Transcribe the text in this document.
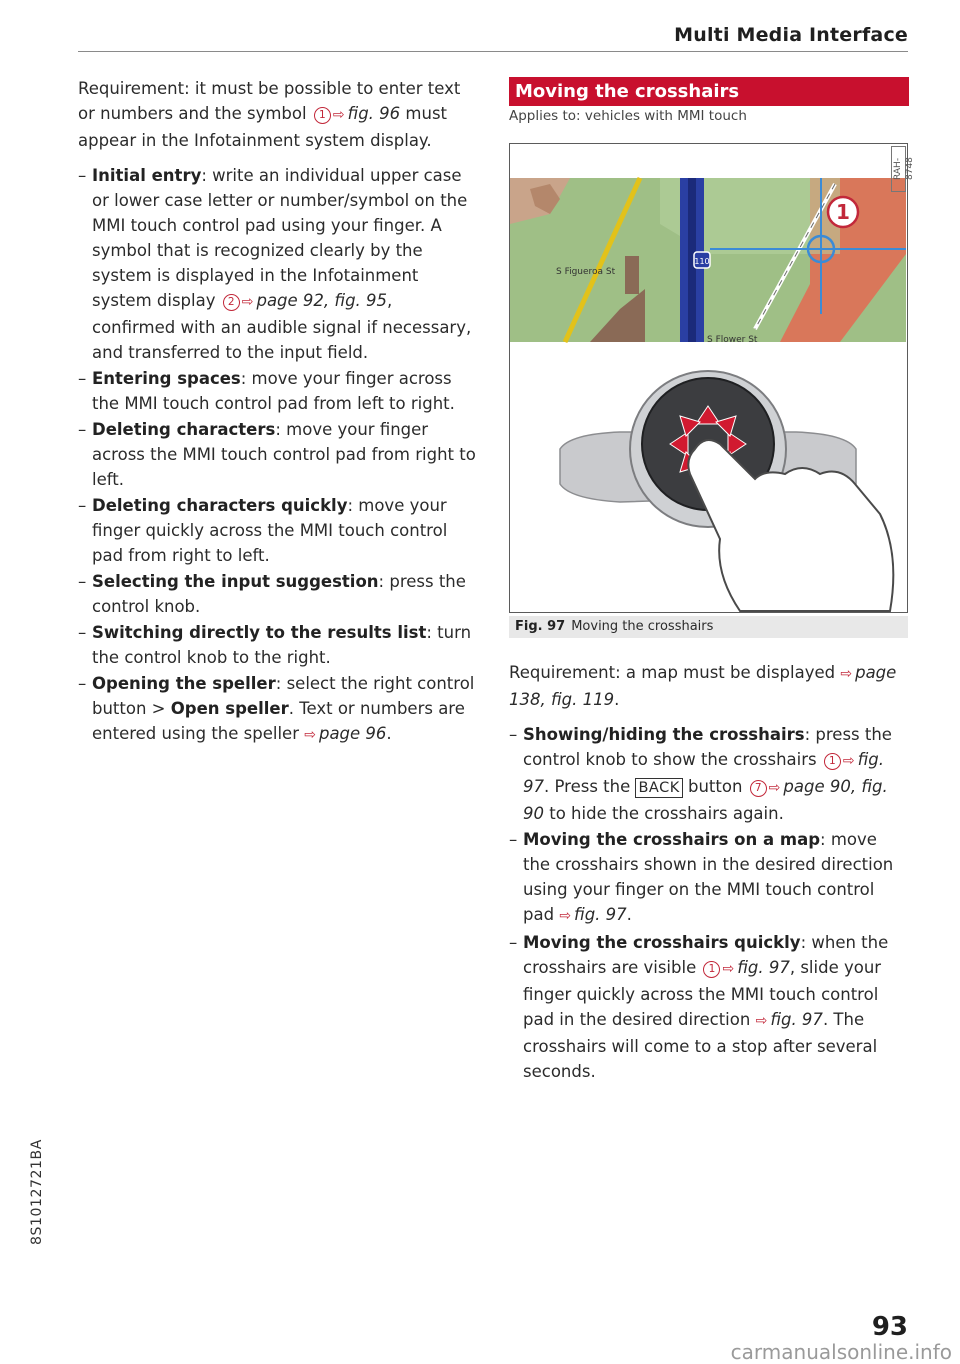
Multi Media Interface

Requirement: it must be possible to enter text or numbers and the symbol 1 ⇨ fig. 96 must appear in the Infotainment system display.

– Initial entry: write an individual upper case or lower case letter or number/symbol on the MMI touch control pad using your finger. A symbol that is recognized clearly by the system is displayed in the Infotainment system display 2 ⇨ page 92, fig. 95, confirmed with an audible signal if necessary, and transferred to the input field.
– Entering spaces: move your finger across the MMI touch control pad from left to right.
– Deleting characters: move your finger across the MMI touch control pad from right to left.
– Deleting characters quickly: move your finger quickly across the MMI touch control pad from right to left.
– Selecting the input suggestion: press the control knob.
– Switching directly to the results list: turn the control knob to the right.
– Opening the speller: select the right control button > Open speller. Text or numbers are entered using the speller ⇨ page 96.
Moving the crosshairs
Applies to: vehicles with MMI touch
1
110
S Figueroa St
S Flower St
RAH-8748
Fig. 97 Moving the crosshairs

Requirement: a map must be displayed ⇨ page 138, fig. 119.

– Showing/hiding the crosshairs: press the control knob to show the crosshairs 1 ⇨ fig. 97. Press the BACK button 7 ⇨ page 90, fig. 90 to hide the crosshairs again.
– Moving the crosshairs on a map: move the crosshairs shown in the desired direction using your finger on the MMI touch control pad ⇨ fig. 97.
– Moving the crosshairs quickly: when the crosshairs are visible 1 ⇨ fig. 97, slide your finger quickly across the MMI touch control pad in the desired direction ⇨ fig. 97. The crosshairs will come to a stop after several seconds.
8S1012721BA
93
carmanualsonline.info
